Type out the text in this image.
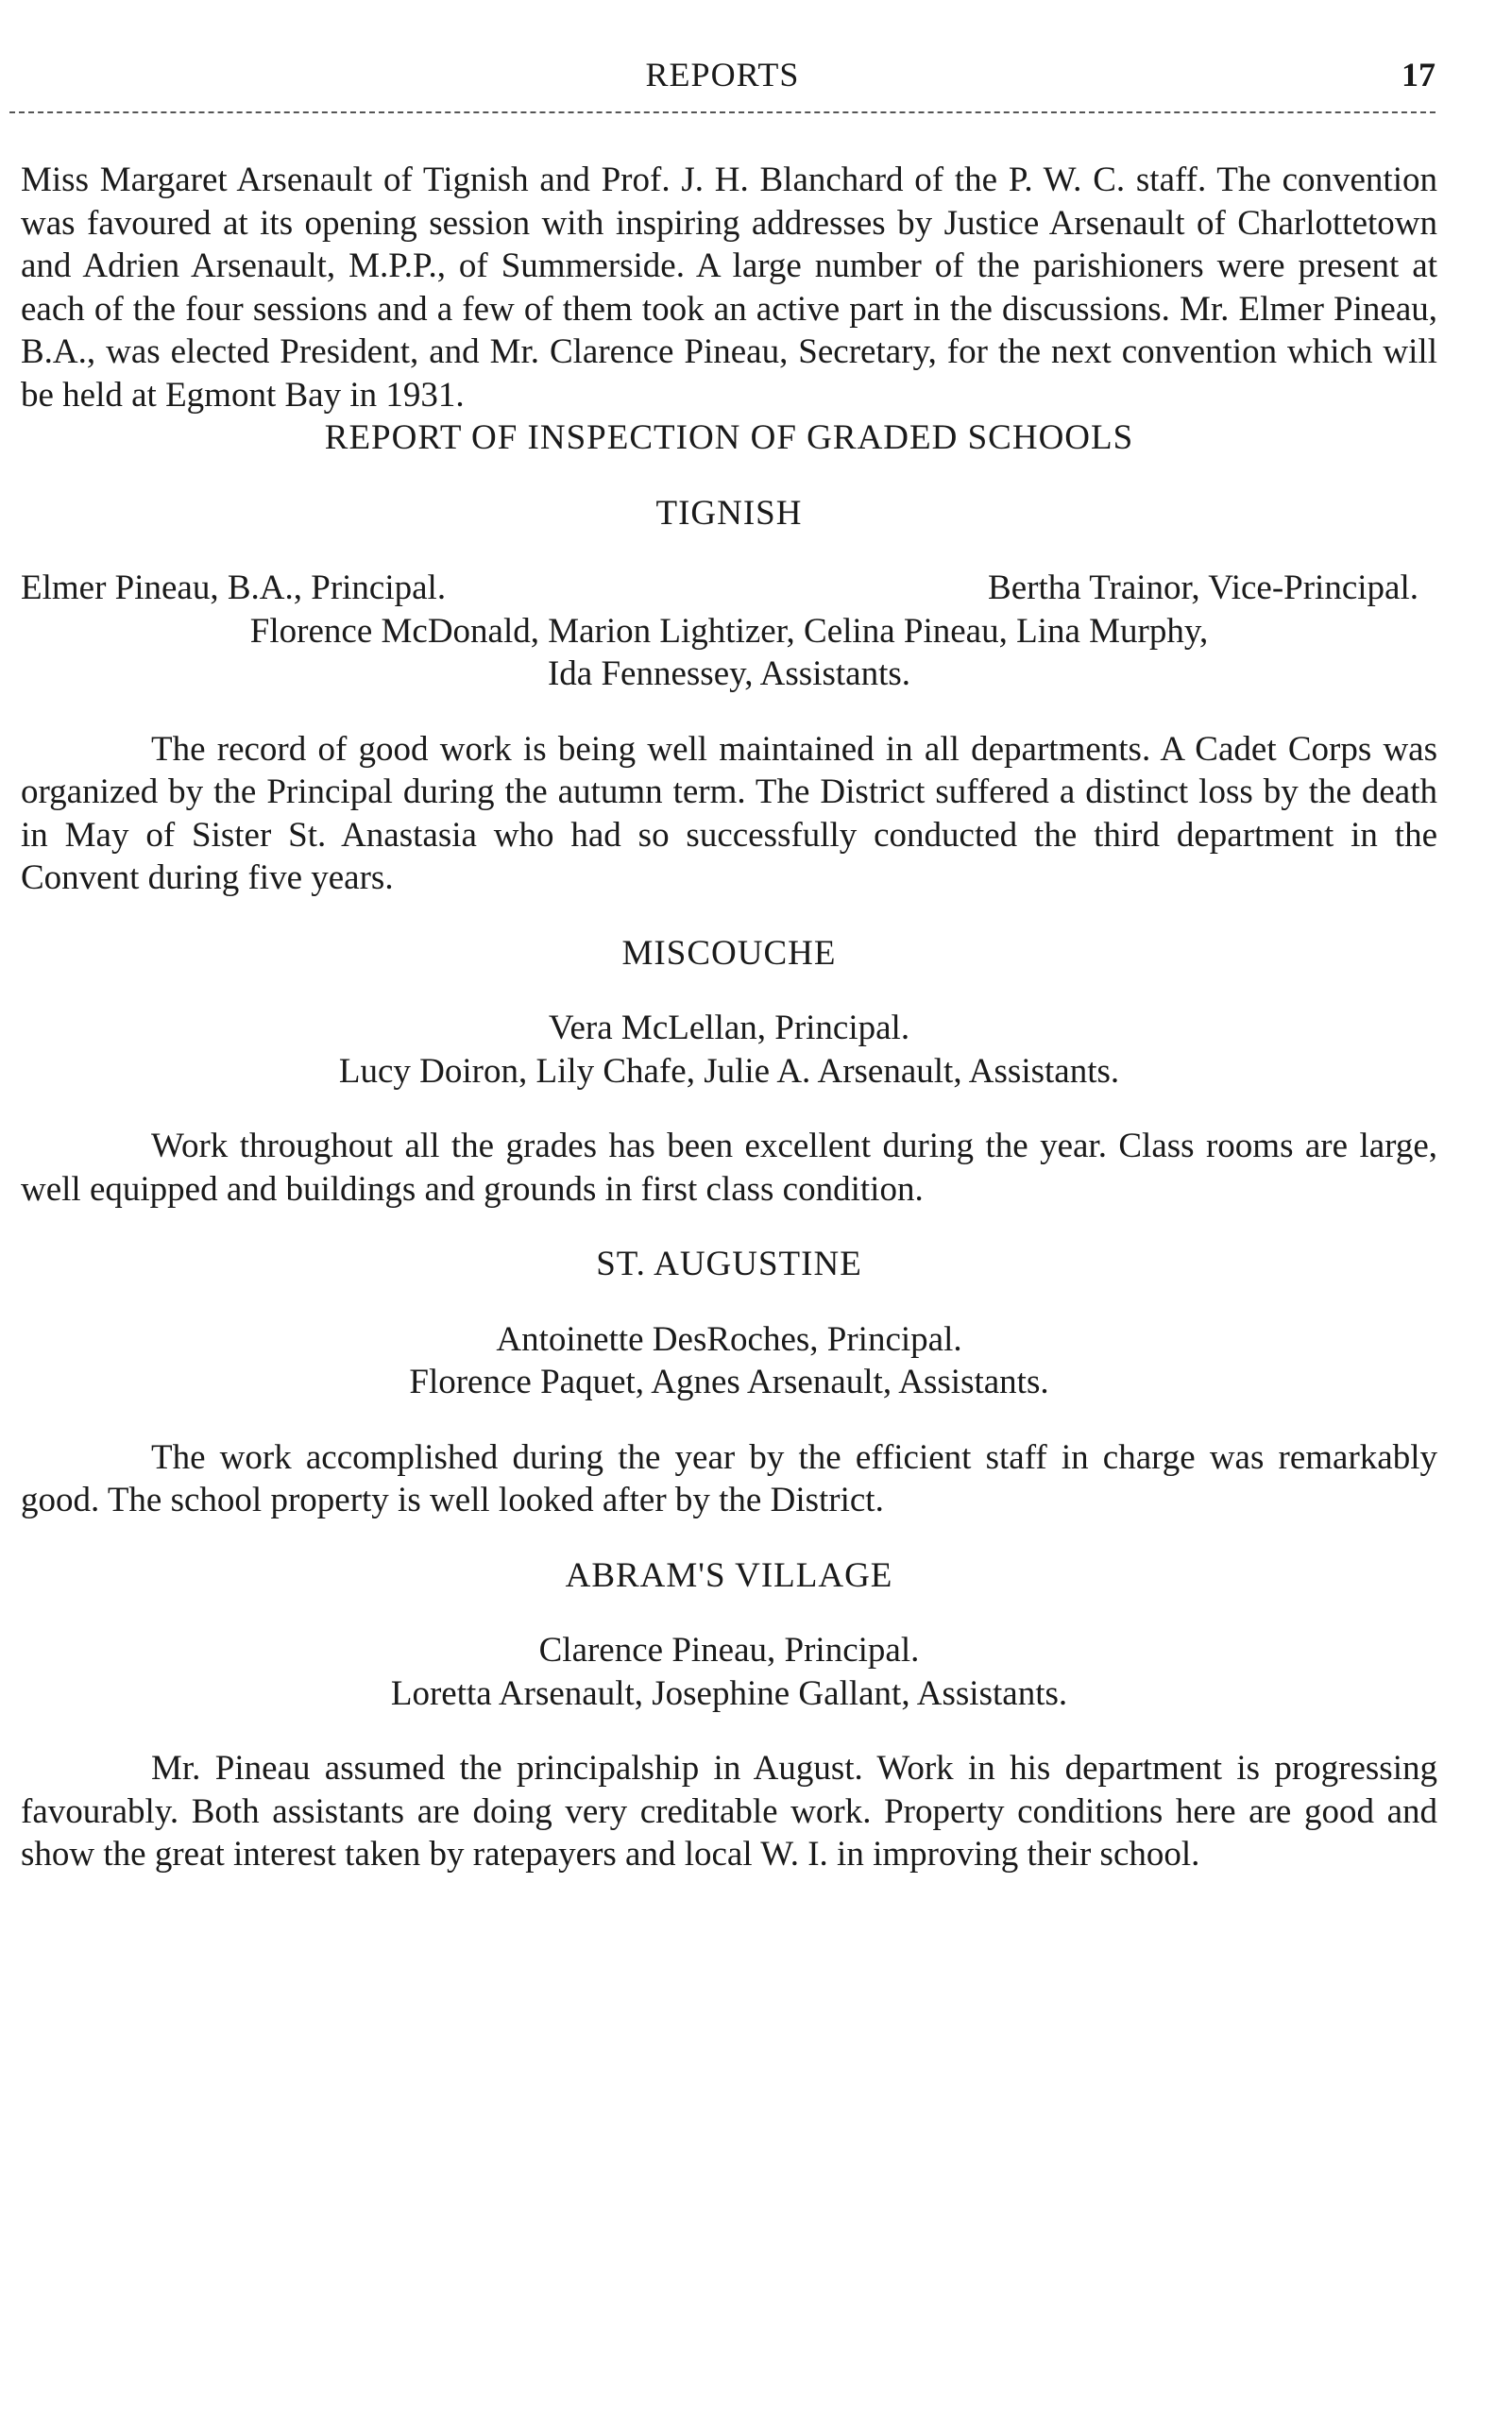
REPORTS	17

Miss Margaret Arsenault of Tignish and Prof. J. H. Blanchard of the P. W. C. staff. The convention was favoured at its opening session with inspiring addresses by Justice Arsenault of Charlottetown and Adrien Arsenault, M.P.P., of Summerside. A large number of the parishioners were present at each of the four sessions and a few of them took an active part in the discussions. Mr. Elmer Pineau, B.A., was elected President, and Mr. Clarence Pineau, Secretary, for the next convention which will be held at Egmont Bay in 1931.

REPORT OF INSPECTION OF GRADED SCHOOLS

TIGNISH

Elmer Pineau, B.A., Principal.	Bertha Trainor, Vice-Principal.

Florence McDonald, Marion Lightizer, Celina Pineau, Lina Murphy,

Ida Fennessey, Assistants.

The record of good work is being well maintained in all departments. A Cadet Corps was organized by the Principal during the autumn term. The District suffered a distinct loss by the death in May of Sister St. Anastasia who had so successfully conducted the third department in the Convent during five years.

MISCOUCHE

Vera McLellan, Principal.

Lucy Doiron, Lily Chafe, Julie A. Arsenault, Assistants.

Work throughout all the grades has been excellent during the year. Class rooms are large, well equipped and buildings and grounds in first class condition.

ST. AUGUSTINE

Antoinette DesRoches, Principal.

Florence Paquet, Agnes Arsenault, Assistants.

The work accomplished during the year by the efficient staff in charge was remarkably good. The school property is well looked after by the District.

ABRAM'S VILLAGE

Clarence Pineau, Principal.

Loretta Arsenault, Josephine Gallant, Assistants.

Mr. Pineau assumed the principalship in August. Work in his department is progressing favourably. Both assistants are doing very creditable work. Property conditions here are good and show the great interest taken by ratepayers and local W. I. in improving their school.
